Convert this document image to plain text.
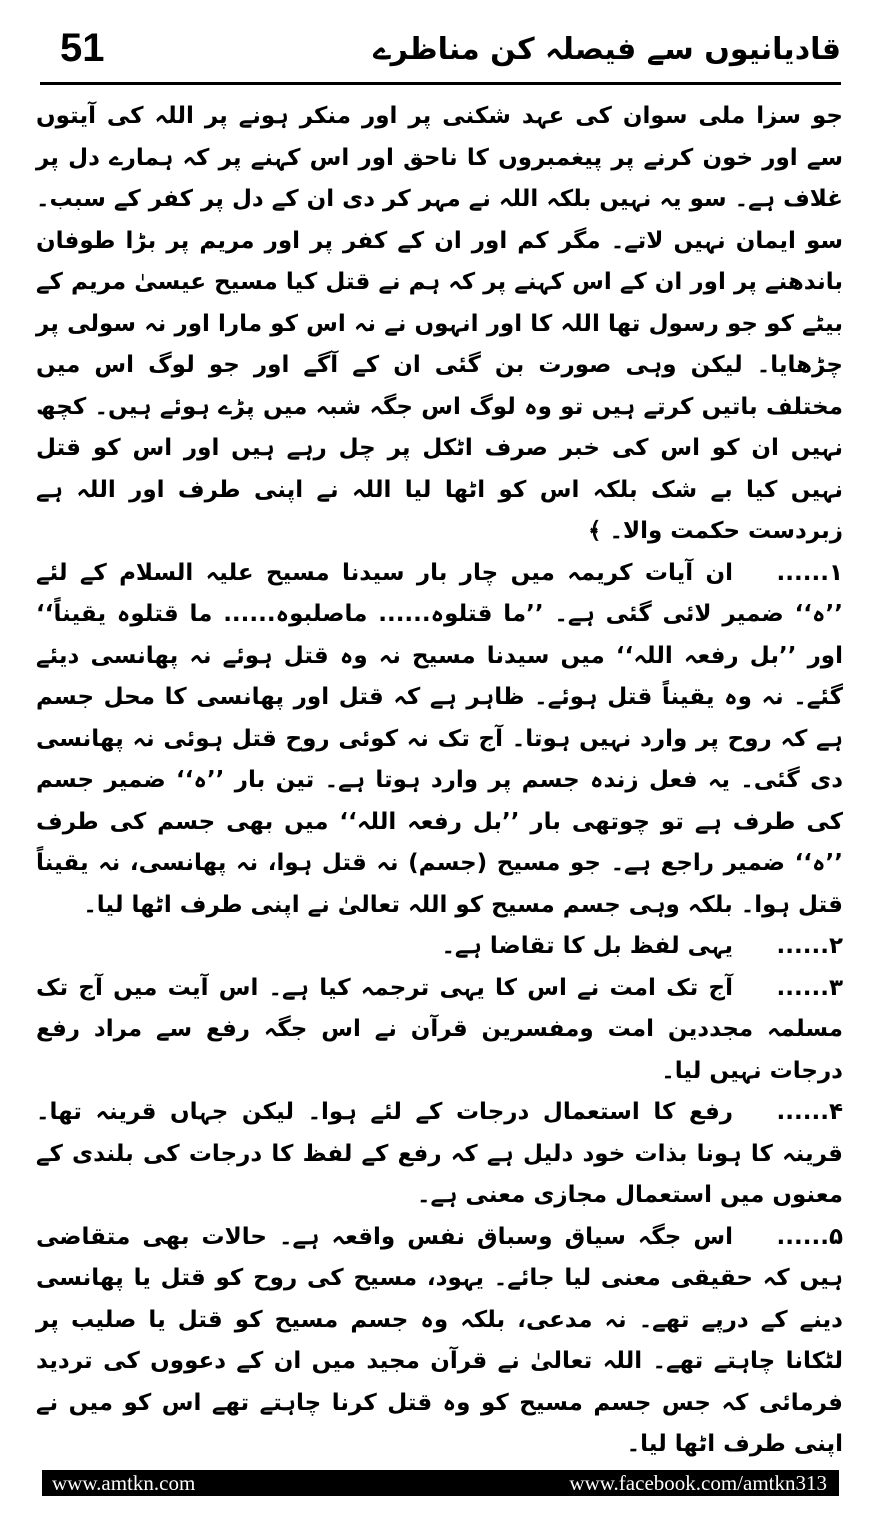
51	قادیانیوں سے فیصلہ کن مناظرے

جو سزا ملی سوان کی عہد شکنی پر اور منکر ہونے پر اللہ کی آیتوں سے اور خون کرنے پر پیغمبروں کا ناحق اور اس کہنے پر کہ ہمارے دل پر غلاف ہے۔ سو یہ نہیں بلکہ اللہ نے مہر کر دی ان کے دل پر کفر کے سبب۔ سو ایمان نہیں لاتے۔ مگر کم اور ان کے کفر پر اور مریم پر بڑا طوفان باندھنے پر اور ان کے اس کہنے پر کہ ہم نے قتل کیا مسیح عیسیٰ مریم کے بیٹے کو جو رسول تھا اللہ کا اور انہوں نے نہ اس کو مارا اور نہ سولی پر چڑھایا۔ لیکن وہی صورت بن گئی ان کے آگے اور جو لوگ اس میں مختلف باتیں کرتے ہیں تو وہ لوگ اس جگہ شبہ میں پڑے ہوئے ہیں۔ کچھ نہیں ان کو اس کی خبر صرف اٹکل پر چل رہے ہیں اور اس کو قتل نہیں کیا بے شک بلکہ اس کو اٹھا لیا اللہ نے اپنی طرف اور اللہ ہے زبردست حکمت والا۔ ﴾

۱......ان آیات کریمہ میں چار بار سیدنا مسیح علیہ السلام کے لئے ’’ہ‘‘ ضمیر لائی گئی ہے۔ ’’ما قتلوہ...... ماصلبوہ...... ما قتلوہ یقیناً‘‘ اور ’’بل رفعہ اللہ‘‘ میں سیدنا مسیح نہ وہ قتل ہوئے نہ پھانسی دیئے گئے۔ نہ وہ یقیناً قتل ہوئے۔ ظاہر ہے کہ قتل اور پھانسی کا محل جسم ہے کہ روح پر وارد نہیں ہوتا۔ آج تک نہ کوئی روح قتل ہوئی نہ پھانسی دی گئی۔ یہ فعل زندہ جسم پر وارد ہوتا ہے۔ تین بار ’’ہ‘‘ ضمیر جسم کی طرف ہے تو چوتھی بار ’’بل رفعہ اللہ‘‘ میں بھی جسم کی طرف ’’ہ‘‘ ضمیر راجع ہے۔ جو مسیح (جسم) نہ قتل ہوا، نہ پھانسی، نہ یقیناً قتل ہوا۔ بلکہ وہی جسم مسیح کو اللہ تعالیٰ نے اپنی طرف اٹھا لیا۔

۲......یہی لفظ بل کا تقاضا ہے۔

۳......آج تک امت نے اس کا یہی ترجمہ کیا ہے۔ اس آیت میں آج تک مسلمہ مجددین امت ومفسرین قرآن نے اس جگہ رفع سے مراد رفع درجات نہیں لیا۔

۴......رفع کا استعمال درجات کے لئے ہوا۔ لیکن جہاں قرینہ تھا۔ قرینہ کا ہونا بذات خود دلیل ہے کہ رفع کے لفظ کا درجات کی بلندی کے معنوں میں استعمال مجازی معنی ہے۔

۵......اس جگہ سیاق وسباق نفس واقعہ ہے۔ حالات بھی متقاضی ہیں کہ حقیقی معنی لیا جائے۔ یہود، مسیح کی روح کو قتل یا پھانسی دینے کے درپے تھے۔ نہ مدعی، بلکہ وہ جسم مسیح کو قتل یا صلیب پر لٹکانا چاہتے تھے۔ اللہ تعالیٰ نے قرآن مجید میں ان کے دعووں کی تردید فرمائی کہ جس جسم مسیح کو وہ قتل کرنا چاہتے تھے اس کو میں نے اپنی طرف اٹھا لیا۔

www.amtkn.com	www.facebook.com/amtkn313
